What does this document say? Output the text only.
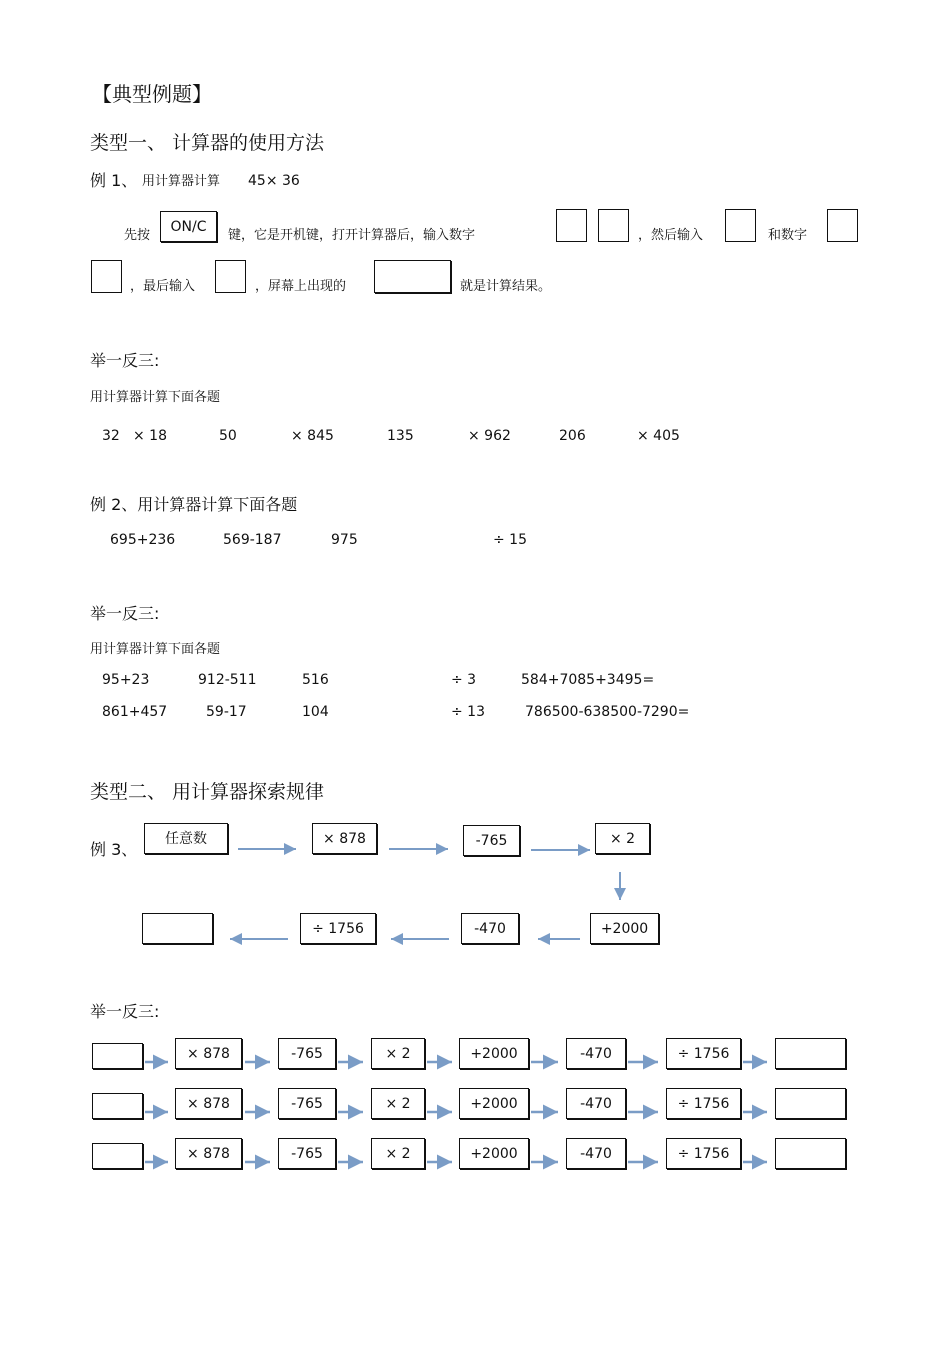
【典型例题】
类型一、 计算器的使用方法
例 1、 用计算器计算 45× 36
先按
ON/C
键，它是开机键，打开计算器后，输入数字	，然后输入	和数字
，最后输入	，屏幕上出现的	就是计算结果。
举一反三:
用计算器计算下面各题
32 × 18	50	× 845	135	× 962	206	× 405
例 2、用计算器计算下面各题
695+236	569-187	975	÷ 15
举一反三:
用计算器计算下面各题
95+23	912-511	516	÷ 3	584+7085+3495=
861+457	59-17	104	÷ 13	786500-638500-7290=
类型二、 用计算器探索规律
例 3、
任意数	× 878	-765	× 2
+2000
-470
÷ 1756
举一反三:
× 878	-765	× 2	+2000	-470	÷ 1756
× 878	-765	× 2	+2000	-470	÷ 1756
× 878	-765	× 2	+2000	-470	÷ 1756
